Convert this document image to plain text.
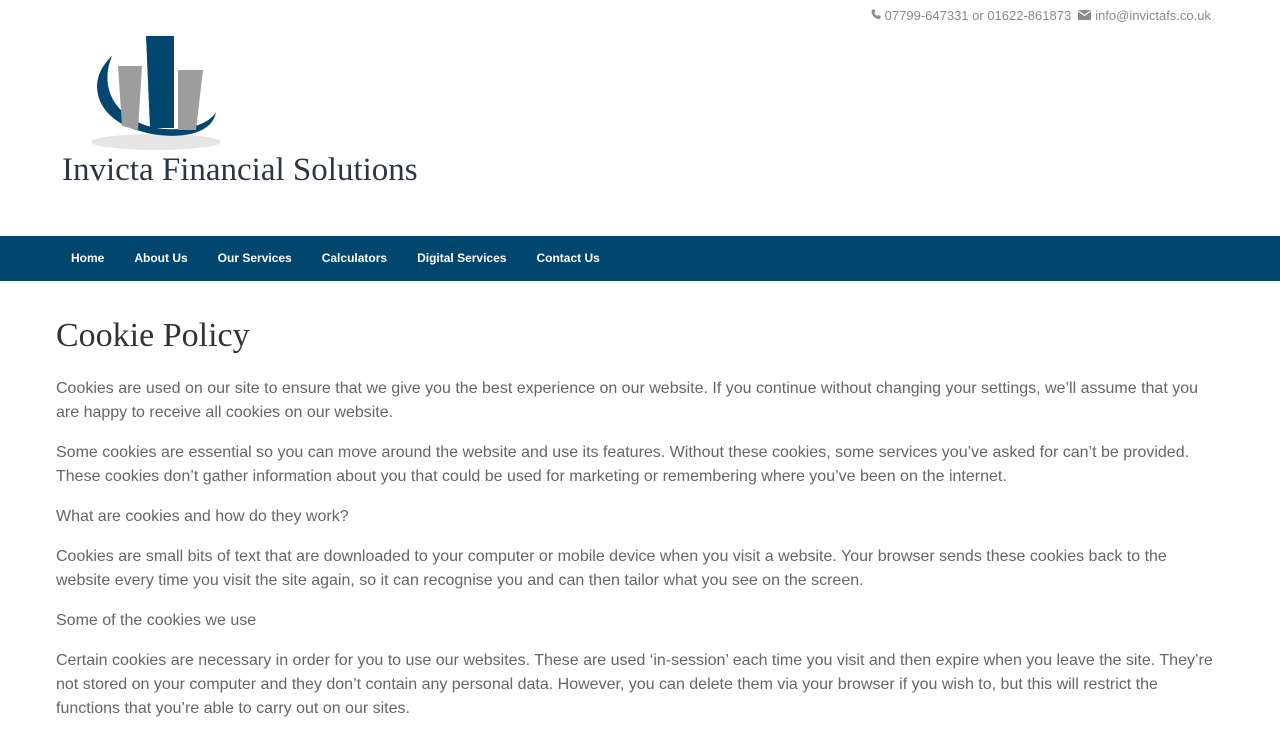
07799-647331 or 01622-861873 info@invictafs.co.uk
Invicta Financial Solutions
Home	About Us	Our Services	Calculators	Digital Services	Contact Us
Cookie Policy

Cookies are used on our site to ensure that we give you the best experience on our website. If you continue without changing your settings, we’ll assume that you are happy to receive all cookies on our website.

Some cookies are essential so you can move around the website and use its features. Without these cookies, some services you’ve asked for can’t be provided. These cookies don’t gather information about you that could be used for marketing or remembering where you’ve been on the internet.

What are cookies and how do they work?

Cookies are small bits of text that are downloaded to your computer or mobile device when you visit a website. Your browser sends these cookies back to the website every time you visit the site again, so it can recognise you and can then tailor what you see on the screen.

Some of the cookies we use

Certain cookies are necessary in order for you to use our websites. These are used ‘in-session’ each time you visit and then expire when you leave the site. They’re not stored on your computer and they don’t contain any personal data. However, you can delete them via your browser if you wish to, but this will restrict the functions that you’re able to carry out on our sites.
